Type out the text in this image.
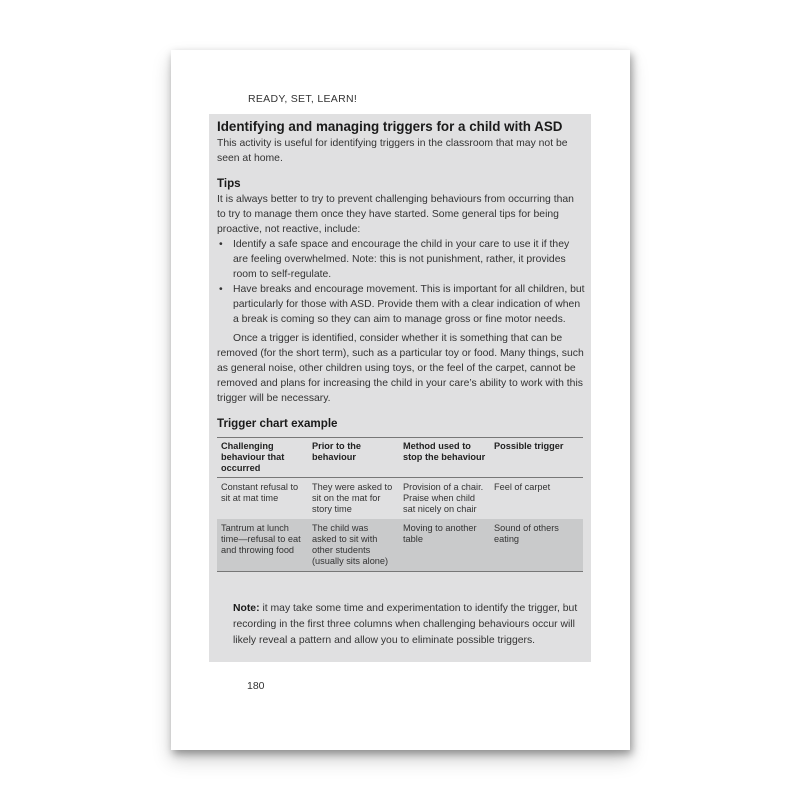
READY, SET, LEARN!
Identifying and managing triggers for a child with ASD

This activity is useful for identifying triggers in the classroom that may not be seen at home.

Tips

It is always better to try to prevent challenging behaviours from occurring than to try to manage them once they have started. Some general tips for being proactive, not reactive, include:

• Identify a safe space and encourage the child in your care to use it if they are feeling overwhelmed. Note: this is not punishment, rather, it provides room to self-regulate.
• Have breaks and encourage movement. This is important for all children, but particularly for those with ASD. Provide them with a clear indication of when a break is coming so they can aim to manage gross or fine motor needs.

Once a trigger is identified, consider whether it is something that can be removed (for the short term), such as a particular toy or food. Many things, such as general noise, other children using toys, or the feel of the carpet, cannot be removed and plans for increasing the child in your care’s ability to work with this trigger will be necessary.

Trigger chart example
Challenging behaviour that occurred	Prior to the behaviour	Method used to stop the behaviour	Possible trigger
Constant refusal to sit at mat time	They were asked to sit on the mat for story time	Provision of a chair. Praise when child sat nicely on chair	Feel of carpet
Tantrum at lunch time—refusal to eat and throwing food	The child was asked to sit with other students (usually sits alone)	Moving to another table	Sound of others eating

Note: it may take some time and experimentation to identify the trigger, but recording in the first three columns when challenging behaviours occur will likely reveal a pattern and allow you to eliminate possible triggers.

180
